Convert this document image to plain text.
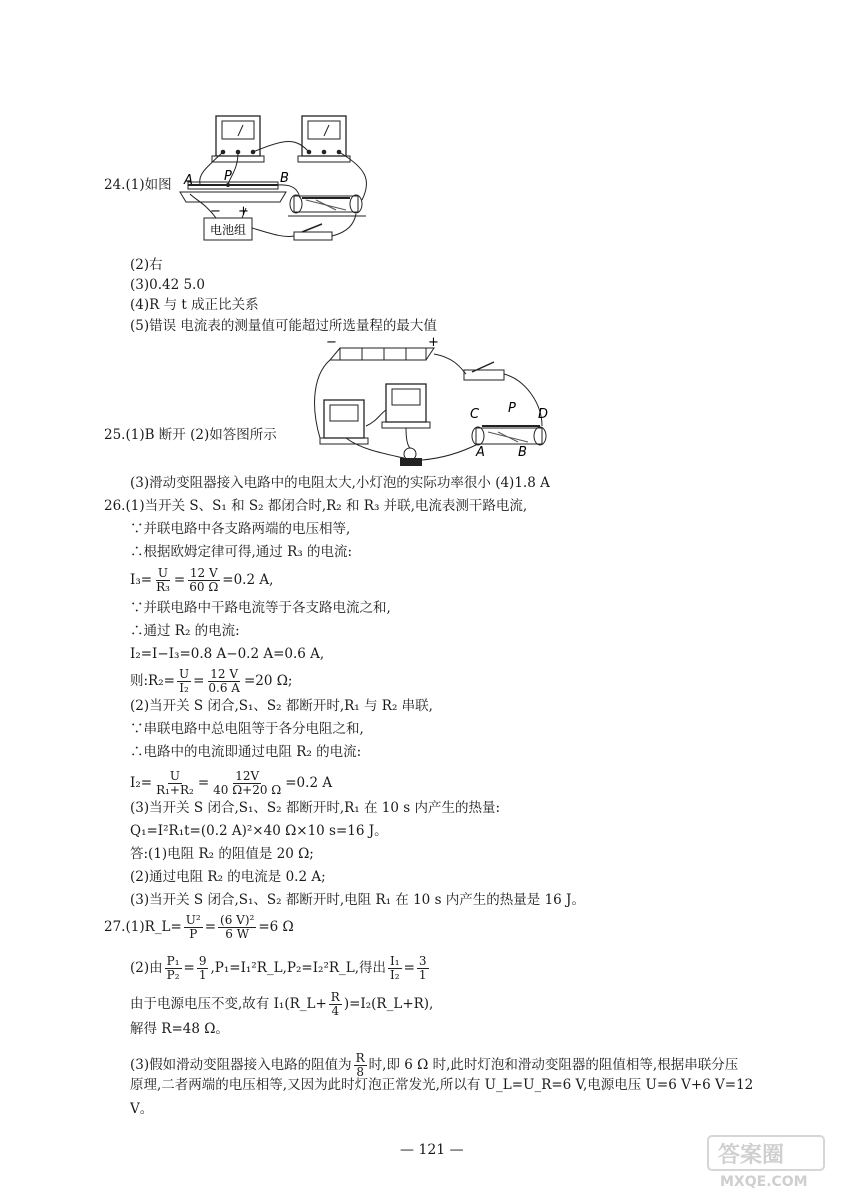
24.(1)如图 A P	B
− +
电池组
(2)右
(3)0.42 5.0
(4)R 与 t 成正比关系
(5)错误 电流表的测量值可能超过所选量程的最大值
−	+
C P D
A	B
25.(1)B 断开 (2)如答图所示
(3)滑动变阻器接入电路中的电阻太大,小灯泡的实际功率很小 (4)1.8 A
26.(1)当开关 S、S₁ 和 S₂ 都闭合时,R₂ 和 R₃ 并联,电流表测干路电流,
∵并联电路中各支路两端的电压相等,
∴根据欧姆定律可得,通过 R₃ 的电流:
$I_3= \frac{U}{\text{R₃}} = \frac{12 V}{60 \Omega} =0.2$ A,
∵并联电路中干路电流等于各支路电流之和,
∴通过 R₂ 的电流:
I₂=I−I₃=0.8 A−0.2 A=0.6 A,
则:R₂= $\frac{U}{\text{I₂}} = \frac{12 V}{0.6 A} =20$ Ω;
(2)当开关 S 闭合,S₁、S₂ 都断开时,R₁ 与 R₂ 串联,
∵串联电路中总电阻等于各分电阻之和,
∴电路中的电流即通过电阻 R₂ 的电流:
$I_2= \frac{U}{\text{R₁+R₂}} = \frac{12V}{40 \Omega+20 \Omega} =0.2$ A
(3)当开关 S 闭合,S₁、S₂ 都断开时,R₁ 在 10 s 内产生的热量:
Q₁=I²R₁t=(0.2 A)²×40 Ω×10 s=16 J。
答:(1)电阻 R₂ 的阻值是 20 Ω;
(2)通过电阻 R₂ 的电流是 0.2 A;
(3)当开关 S 闭合,S₁、S₂ 都断开时,电阻 R₁ 在 10 s 内产生的热量是 16 J。
27.(1)R_L= $\frac{\text{U²}}{P} = \frac{\text{(6 V)²}}{6 W} =6$ Ω
(2)由 $\frac{\text{P₁}}{\text{P₂}} = \frac{9}{1}$ ,P₁=I₁²R_L,P₂=I₂²R_L,得出 $\frac{\text{I₁}}{\text{I₂}} = \frac{3}{1}$
由于电源电压不变,故有 I₁(R_L+ $\frac{R}{4}$ )=I₂(R_L+R),
解得 R=48 Ω。
(3)假如滑动变阻器接入电路的阻值为 $\frac{R}{8}$ 时,即 6 Ω 时,此时灯泡和滑动变阻器的阻值相等,根据串联分压
原理,二者两端的电压相等,又因为此时灯泡正常发光,所以有 U_L=U_R=6 V,电源电压 U=6 V+6 V=12
V。
— 121 —	答案圈
MXQE.COM
